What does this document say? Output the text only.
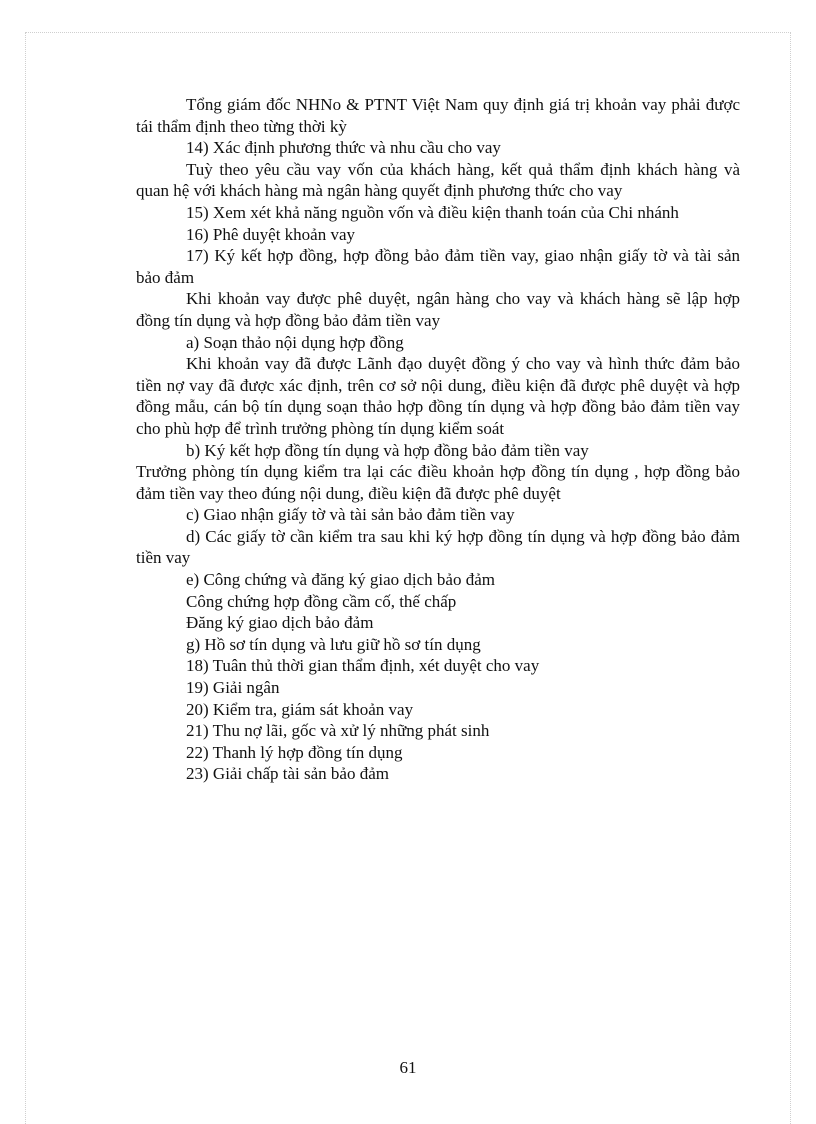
Tổng giám đốc NHNo & PTNT Việt Nam quy định giá trị khoản vay phải được tái thẩm định theo từng thời kỳ

14) Xác định phương thức và nhu cầu cho vay

Tuỳ theo yêu cầu vay vốn của khách hàng, kết quả thẩm định khách hàng và quan hệ với khách hàng mà ngân hàng quyết định phương thức cho vay

15) Xem xét khả năng nguồn vốn và điều kiện thanh toán của Chi nhánh

16) Phê duyệt khoản vay

17) Ký kết hợp đồng, hợp đồng bảo đảm tiền vay, giao nhận giấy tờ và tài sản bảo đảm

Khi khoản vay được phê duyệt, ngân hàng cho vay và khách hàng sẽ lập hợp đồng tín dụng và hợp đồng bảo đảm tiền vay

a) Soạn thảo nội dụng hợp đồng

Khi khoản vay đã được Lãnh đạo duyệt đồng ý cho vay và hình thức đảm bảo tiền nợ vay đã được xác định, trên cơ sở nội dung, điều kiện đã được phê duyệt và hợp đồng mẫu, cán bộ tín dụng soạn thảo hợp đồng tín dụng và hợp đồng bảo đảm tiền vay cho phù hợp để trình trưởng phòng tín dụng kiểm soát

b) Ký kết hợp đồng tín dụng và hợp đồng bảo đảm tiền vay

Trưởng phòng tín dụng kiểm tra lại các điều khoản hợp đồng tín dụng , hợp đồng bảo đảm tiền vay theo đúng nội dung, điều kiện đã được phê duyệt

c) Giao nhận giấy tờ và tài sản bảo đảm tiền vay

d) Các giấy tờ cần kiểm tra sau khi ký hợp đồng tín dụng và hợp đồng bảo đảm tiền vay

e) Công chứng và đăng ký giao dịch bảo đảm

Công chứng hợp đồng cầm cố, thế chấp

Đăng ký giao dịch bảo đảm

g) Hồ sơ tín dụng và lưu giữ hồ sơ tín dụng

18) Tuân thủ thời gian thẩm định, xét duyệt cho vay

19) Giải ngân

20) Kiểm tra, giám sát khoản vay

21) Thu nợ lãi, gốc và xử lý những phát sinh

22) Thanh lý hợp đồng tín dụng

23) Giải chấp tài sản bảo đảm

61
